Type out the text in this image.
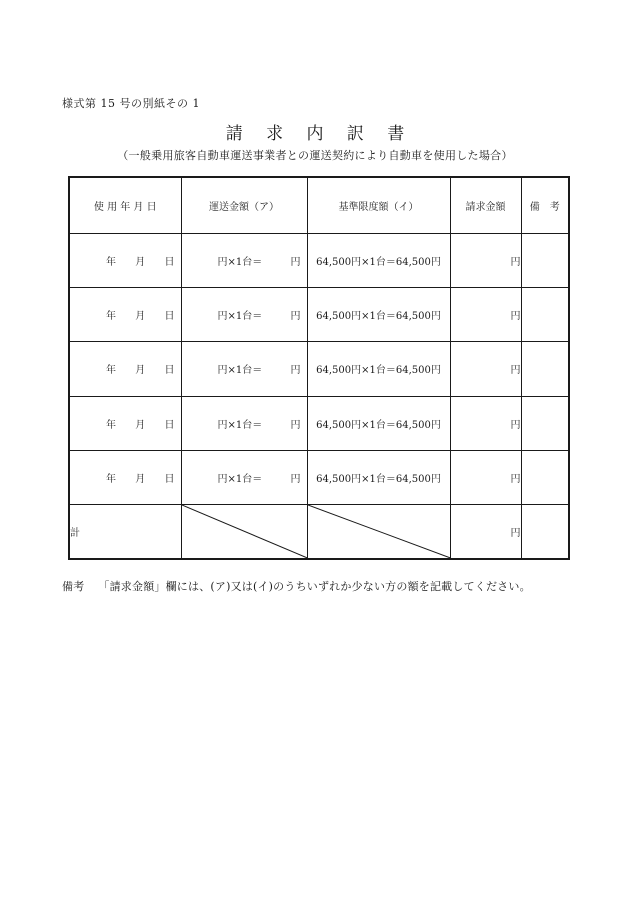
様式第 15 号の別紙その 1
請 求 内 訳 書
（一般乗用旅客自動車運送事業者との運送契約により自動車を使用した場合）
使 用 年 月 日	運送金額（ア）	基準限度額（イ）	請求金額	備　考

年 月 日	円×1台＝ 円	64,500円×1台＝64,500円	円	

年 月 日	円×1台＝ 円	64,500円×1台＝64,500円	円	

年 月 日	円×1台＝ 円	64,500円×1台＝64,500円	円	

年 月 日	円×1台＝ 円	64,500円×1台＝64,500円	円	

年 月 日	円×1台＝ 円	64,500円×1台＝64,500円	円	
計			円	
備考 「請求金額」欄には、(ア)又は(イ)のうちいずれか少ない方の額を記載してください。
